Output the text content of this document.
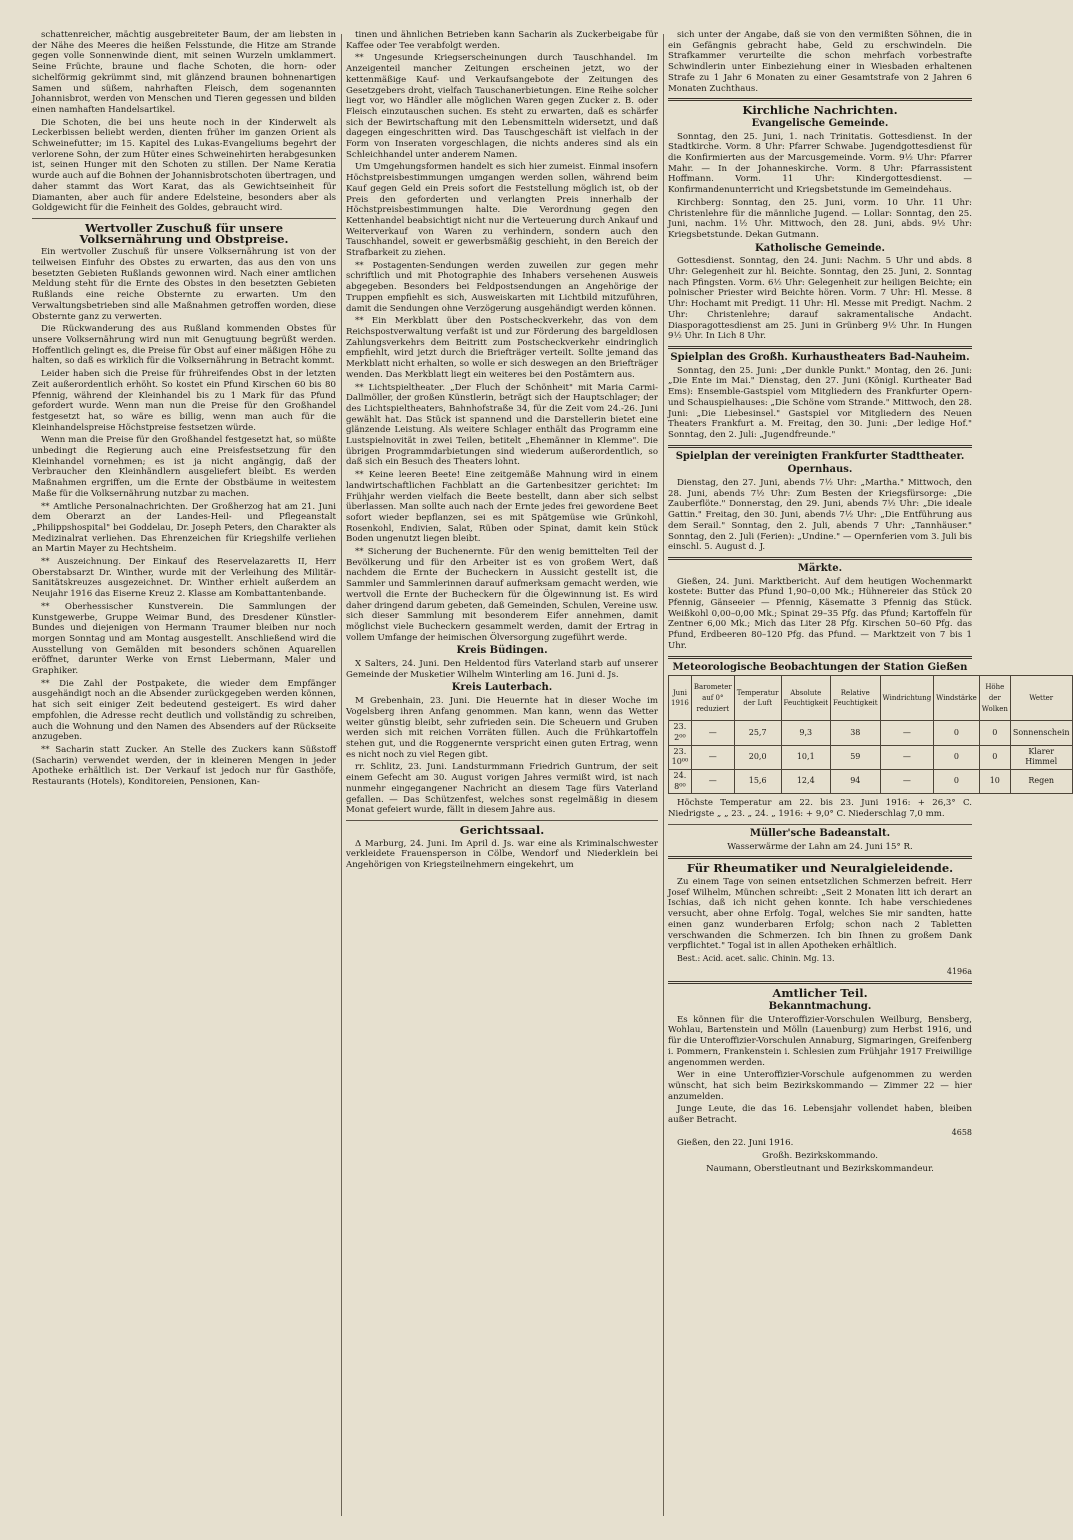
schattenreicher, mächtig ausgebreiteter Baum, der am liebsten in der Nähe des Meeres die heißen Felsstunde, die Hitze am Strande gegen volle Sonnenwinde dient, mit seinen Wurzeln umklammert. Seine Früchte, braune und flache Schoten, die horn- oder sichelförmig gekrümmt sind, mit glänzend braunen bohnenartigen Samen und süßem, nahrhaften Fleisch, dem sogenannten Johannisbrot, werden von Menschen und Tieren gegessen und bilden einen namhaften Handelsartikel.

Die Schoten, die bei uns heute noch in der Kinderwelt als Leckerbissen beliebt werden, dienten früher im ganzen Orient als Schweinefutter; im 15. Kapitel des Lukas-Evangeliums begehrt der verlorene Sohn, der zum Hüter eines Schweinehirten herabgesunken ist, seinen Hunger mit den Schoten zu stillen. Der Name Keratia wurde auch auf die Bohnen der Johannisbrotschoten übertragen, und daher stammt das Wort Karat, das als Gewichtseinheit für Diamanten, aber auch für andere Edelsteine, besonders aber als Goldgewicht für die Feinheit des Goldes, gebraucht wird.

Wertvoller Zuschuß für unsere Volksernährung und Obstpreise.

Ein wertvoller Zuschuß für unsere Volksernährung ist von der teilweisen Einfuhr des Obstes zu erwarten, das aus den von uns besetzten Gebieten Rußlands gewonnen wird. Nach einer amtlichen Meldung steht für die Ernte des Obstes in den besetzten Gebieten Rußlands eine reiche Obsternte zu erwarten. Um den Verwaltungsbetrieben sind alle Maßnahmen getroffen worden, diese Obsternte ganz zu verwerten.

Die Rückwanderung des aus Rußland kommenden Obstes für unsere Volksernährung wird nun mit Genugtuung begrüßt werden. Hoffentlich gelingt es, die Preise für Obst auf einer mäßigen Höhe zu halten, so daß es wirklich für die Volksernährung in Betracht kommt.

Leider haben sich die Preise für frühreifendes Obst in der letzten Zeit außerordentlich erhöht. So kostet ein Pfund Kirschen 60 bis 80 Pfennig, während der Kleinhandel bis zu 1 Mark für das Pfund gefordert wurde. Wenn man nun die Preise für den Großhandel festgesetzt hat, so wäre es billig, wenn man auch für die Kleinhandelspreise Höchstpreise festsetzen würde.

Wenn man die Preise für den Großhandel festgesetzt hat, so müßte unbedingt die Regierung auch eine Preisfestsetzung für den Kleinhandel vornehmen; es ist ja nicht angängig, daß der Verbraucher den Kleinhändlern ausgeliefert bleibt. Es werden Maßnahmen ergriffen, um die Ernte der Obstbäume in weitestem Maße für die Volksernährung nutzbar zu machen.

** Amtliche Personalnachrichten. Der Großherzog hat am 21. Juni dem Oberarzt an der Landes-Heil- und Pflegeanstalt „Philippshospital" bei Goddelau, Dr. Joseph Peters, den Charakter als Medizinalrat verliehen. Das Ehrenzeichen für Kriegshilfe verliehen an Martin Mayer zu Hechtsheim.

** Auszeichnung. Der Einkauf des Reservelazaretts II, Herr Oberstabsarzt Dr. Winther, wurde mit der Verleihung des Militär-Sanitätskreuzes ausgezeichnet. Dr. Winther erhielt außerdem an Neujahr 1916 das Eiserne Kreuz 2. Klasse am Kombattantenbande.

** Oberhessischer Kunstverein. Die Sammlungen der Kunstgewerbe, Gruppe Weimar Bund, des Dresdener Künstler-Bundes und diejenigen von Hermann Traumer bleiben nur noch morgen Sonntag und am Montag ausgestellt. Anschließend wird die Ausstellung von Gemälden mit besonders schönen Aquarellen eröffnet, darunter Werke von Ernst Liebermann, Maler und Graphiker.

** Die Zahl der Postpakete, die wieder dem Empfänger ausgehändigt noch an die Absender zurückgegeben werden können, hat sich seit einiger Zeit bedeutend gesteigert. Es wird daher empfohlen, die Adresse recht deutlich und vollständig zu schreiben, auch die Wohnung und den Namen des Absenders auf der Rückseite anzugeben.

** Sacharin statt Zucker. An Stelle des Zuckers kann Süßstoff (Sacharin) verwendet werden, der in kleineren Mengen in jeder Apotheke erhältlich ist. Der Verkauf ist jedoch nur für Gasthöfe, Restaurants (Hotels), Konditoreien, Pensionen, Kan-

tinen und ähnlichen Betrieben kann Sacharin als Zuckerbeigabe für Kaffee oder Tee verabfolgt werden.

** Ungesunde Kriegserscheinungen durch Tauschhandel. Im Anzeigenteil mancher Zeitungen erscheinen jetzt, wo der kettenmäßige Kauf- und Verkaufsangebote der Zeitungen des Gesetzgebers droht, vielfach Tauschanerbietungen. Eine Reihe solcher liegt vor, wo Händler alle möglichen Waren gegen Zucker z. B. oder Fleisch einzutauschen suchen. Es steht zu erwarten, daß es schärfer sich der Bewirtschaftung mit den Lebensmitteln widersetzt, und daß dagegen eingeschritten wird. Das Tauschgeschäft ist vielfach in der Form von Inseraten vorgeschlagen, die nichts anderes sind als ein Schleichhandel unter anderem Namen.

Um Umgehungsformen handelt es sich hier zumeist. Einmal insofern Höchstpreisbestimmungen umgangen werden sollen, während beim Kauf gegen Geld ein Preis sofort die Feststellung möglich ist, ob der Preis den geforderten und verlangten Preis innerhalb der Höchstpreisbestimmungen halte. Die Verordnung gegen den Kettenhandel beabsichtigt nicht nur die Verteuerung durch Ankauf und Weiterverkauf von Waren zu verhindern, sondern auch den Tauschhandel, soweit er gewerbsmäßig geschieht, in den Bereich der Strafbarkeit zu ziehen.

** Postagenten-Sendungen werden zuweilen zur gegen mehr schriftlich und mit Photographie des Inhabers versehenen Ausweis abgegeben. Besonders bei Feldpostsendungen an Angehörige der Truppen empfiehlt es sich, Ausweiskarten mit Lichtbild mitzuführen, damit die Sendungen ohne Verzögerung ausgehändigt werden können.

** Ein Merkblatt über den Postscheckverkehr, das von dem Reichspostverwaltung verfaßt ist und zur Förderung des bargeldlosen Zahlungsverkehrs dem Beitritt zum Postscheckverkehr eindringlich empfiehlt, wird jetzt durch die Briefträger verteilt. Sollte jemand das Merkblatt nicht erhalten, so wolle er sich deswegen an den Briefträger wenden. Das Merkblatt liegt ein weiteres bei den Postämtern aus.

** Lichtspieltheater. „Der Fluch der Schönheit" mit Maria Carmi-Dallmöller, der großen Künstlerin, beträgt sich der Hauptschlager; der des Lichtspieltheaters, Bahnhofstraße 34, für die Zeit vom 24.-26. Juni gewählt hat. Das Stück ist spannend und die Darstellerin bietet eine glänzende Leistung. Als weitere Schlager enthält das Programm eine Lustspielnovität in zwei Teilen, betitelt „Ehemänner in Klemme". Die übrigen Programmdarbietungen sind wiederum außerordentlich, so daß sich ein Besuch des Theaters lohnt.

** Keine leeren Beete! Eine zeitgemäße Mahnung wird in einem landwirtschaftlichen Fachblatt an die Gartenbesitzer gerichtet: Im Frühjahr werden vielfach die Beete bestellt, dann aber sich selbst überlassen. Man sollte auch nach der Ernte jedes frei gewordene Beet sofort wieder bepflanzen, sei es mit Spätgemüse wie Grünkohl, Rosenkohl, Endivien, Salat, Rüben oder Spinat, damit kein Stück Boden ungenutzt liegen bleibt.

** Sicherung der Buchenernte. Für den wenig bemittelten Teil der Bevölkerung und für den Arbeiter ist es von großem Wert, daß nachdem die Ernte der Bucheckern in Aussicht gestellt ist, die Sammler und Sammlerinnen darauf aufmerksam gemacht werden, wie wertvoll die Ernte der Bucheckern für die Ölgewinnung ist. Es wird daher dringend darum gebeten, daß Gemeinden, Schulen, Vereine usw. sich dieser Sammlung mit besonderem Eifer annehmen, damit möglichst viele Bucheckern gesammelt werden, damit der Ertrag in vollem Umfange der heimischen Ölversorgung zugeführt werde.

Kreis Büdingen.

X Salters, 24. Juni. Den Heldentod fürs Vaterland starb auf unserer Gemeinde der Musketier Wilhelm Winterling am 16. Juni d. Js.

Kreis Lauterbach.

M Grebenhain, 23. Juni. Die Heuernte hat in dieser Woche im Vogelsberg ihren Anfang genommen. Man kann, wenn das Wetter weiter günstig bleibt, sehr zufrieden sein. Die Scheuern und Gruben werden sich mit reichen Vorräten füllen. Auch die Frühkartoffeln stehen gut, und die Roggenernte verspricht einen guten Ertrag, wenn es nicht noch zu viel Regen gibt.

rr. Schlitz, 23. Juni. Landsturmmann Friedrich Guntrum, der seit einem Gefecht am 30. August vorigen Jahres vermißt wird, ist nach nunmehr eingegangener Nachricht an diesem Tage fürs Vaterland gefallen. — Das Schützenfest, welches sonst regelmäßig in diesem Monat gefeiert wurde, fällt in diesem Jahre aus.

Gerichtssaal.

Δ Marburg, 24. Juni. Im April d. Js. war eine als Kriminalschwester verkleidete Frauensperson in Cölbe, Wendorf und Niederklein bei Angehörigen von Kriegsteilnehmern eingekehrt, um

sich unter der Angabe, daß sie von den vermißten Söhnen, die in ein Gefängnis gebracht habe, Geld zu erschwindeln. Die Strafkammer verurteilte die schon mehrfach vorbestrafte Schwindlerin unter Einbeziehung einer in Wiesbaden erhaltenen Strafe zu 1 Jahr 6 Monaten zu einer Gesamtstrafe von 2 Jahren 6 Monaten Zuchthaus.

Kirchliche Nachrichten.
Evangelische Gemeinde.

Sonntag, den 25. Juni, 1. nach Trinitatis. Gottesdienst. In der Stadtkirche. Vorm. 8 Uhr: Pfarrer Schwabe. Jugendgottesdienst für die Konfirmierten aus der Marcusgemeinde. Vorm. 9½ Uhr: Pfarrer Mahr. — In der Johanneskirche. Vorm. 8 Uhr: Pfarrassistent Hoffmann. Vorm. 11 Uhr: Kindergottesdienst. — Konfirmandenunterricht und Kriegsbetstunde im Gemeindehaus.

Kirchberg: Sonntag, den 25. Juni, vorm. 10 Uhr. 11 Uhr: Christenlehre für die männliche Jugend. — Lollar: Sonntag, den 25. Juni, nachm. 1½ Uhr. Mittwoch, den 28. Juni, abds. 9½ Uhr: Kriegsbetstunde. Dekan Gutmann.

Katholische Gemeinde.

Gottesdienst. Sonntag, den 24. Juni: Nachm. 5 Uhr und abds. 8 Uhr: Gelegenheit zur hl. Beichte. Sonntag, den 25. Juni, 2. Sonntag nach Pfingsten. Vorm. 6½ Uhr: Gelegenheit zur heiligen Beichte; ein polnischer Priester wird Beichte hören. Vorm. 7 Uhr: Hl. Messe. 8 Uhr: Hochamt mit Predigt. 11 Uhr: Hl. Messe mit Predigt. Nachm. 2 Uhr: Christenlehre; darauf sakramentalische Andacht. Diasporagottesdienst am 25. Juni in Grünberg 9½ Uhr. In Hungen 9½ Uhr. In Lich 8 Uhr.

Spielplan des Großh. Kurhaustheaters Bad-Nauheim.

Sonntag, den 25. Juni: „Der dunkle Punkt." Montag, den 26. Juni: „Die Ente im Mai." Dienstag, den 27. Juni (Königl. Kurtheater Bad Ems): Ensemble-Gastspiel vom Mitgliedern des Frankfurter Opern- und Schauspielhauses: „Die Schöne vom Strande." Mittwoch, den 28. Juni: „Die Liebesinsel." Gastspiel vor Mitgliedern des Neuen Theaters Frankfurt a. M. Freitag, den 30. Juni: „Der ledige Hof." Sonntag, den 2. Juli: „Jugendfreunde."

Spielplan der vereinigten Frankfurter Stadttheater.
Opernhaus.

Dienstag, den 27. Juni, abends 7½ Uhr: „Martha." Mittwoch, den 28. Juni, abends 7½ Uhr: Zum Besten der Kriegsfürsorge: „Die Zauberflöte." Donnerstag, den 29. Juni, abends 7½ Uhr: „Die ideale Gattin." Freitag, den 30. Juni, abends 7½ Uhr: „Die Entführung aus dem Serail." Sonntag, den 2. Juli, abends 7 Uhr: „Tannhäuser." Sonntag, den 2. Juli (Ferien): „Undine." — Opernferien vom 3. Juli bis einschl. 5. August d. J.

Märkte.

Gießen, 24. Juni. Marktbericht. Auf dem heutigen Wochenmarkt kostete: Butter das Pfund 1,90–0,00 Mk.; Hühnereier das Stück 20 Pfennig, Gänseeier — Pfennig, Käsematte 3 Pfennig das Stück. Weißkohl 0,00–0,00 Mk.; Spinat 29–35 Pfg. das Pfund; Kartoffeln für Zentner 6,00 Mk.; Mich das Liter 28 Pfg. Kirschen 50–60 Pfg. das Pfund, Erdbeeren 80–120 Pfg. das Pfund. — Marktzeit von 7 bis 1 Uhr.

Meteorologische Beobachtungen der Station Gießen
Juni 1916	Barometer auf 0° reduziert	Temperatur der Luft	Absolute Feuchtigkeit	Relative Feuchtigkeit	Windrichtung	Windstärke	Höhe der Wolken	Wetter
23. 2⁰⁰	—	25,7	9,3	38	—	0	0	Sonnenschein
23. 10⁰⁰	—	20,0	10,1	59	—	0	0	Klarer Himmel
24. 8⁰⁰	—	15,6	12,4	94	—	0	10	Regen

Höchste Temperatur am 22. bis 23. Juni 1916: + 26,3° C. Niedrigste „ „ 23. „ 24. „ 1916: + 9,0° C. Niederschlag 7,0 mm.

Müller'sche Badeanstalt.

Wasserwärme der Lahn am 24. Juni 15° R.

Für Rheumatiker und Neuralgieleidende.

Zu einem Tage von seinen entsetzlichen Schmerzen befreit. Herr Josef Wilhelm, München schreibt: „Seit 2 Monaten litt ich derart an Ischias, daß ich nicht gehen konnte. Ich habe verschiedenes versucht, aber ohne Erfolg. Togal, welches Sie mir sandten, hatte einen ganz wunderbaren Erfolg; schon nach 2 Tabletten verschwanden die Schmerzen. Ich bin Ihnen zu großem Dank verpflichtet." Togal ist in allen Apotheken erhältlich.

Best.: Acid. acet. salic. Chinin. Mg. 13.

4196a
Amtlicher Teil.
Bekanntmachung.

Es können für die Unteroffizier-Vorschulen Weilburg, Bensberg, Wohlau, Bartenstein und Mölln (Lauenburg) zum Herbst 1916, und für die Unteroffizier-Vorschulen Annaburg, Sigmaringen, Greifenberg i. Pommern, Frankenstein i. Schlesien zum Frühjahr 1917 Freiwillige angenommen werden.

Wer in eine Unteroffizier-Vorschule aufgenommen zu werden wünscht, hat sich beim Bezirkskommando — Zimmer 22 — hier anzumelden.

Junge Leute, die das 16. Lebensjahr vollendet haben, bleiben außer Betracht.

4658

Gießen, den 22. Juni 1916.

Großh. Bezirkskommando.

Naumann, Oberstleutnant und Bezirkskommandeur.
